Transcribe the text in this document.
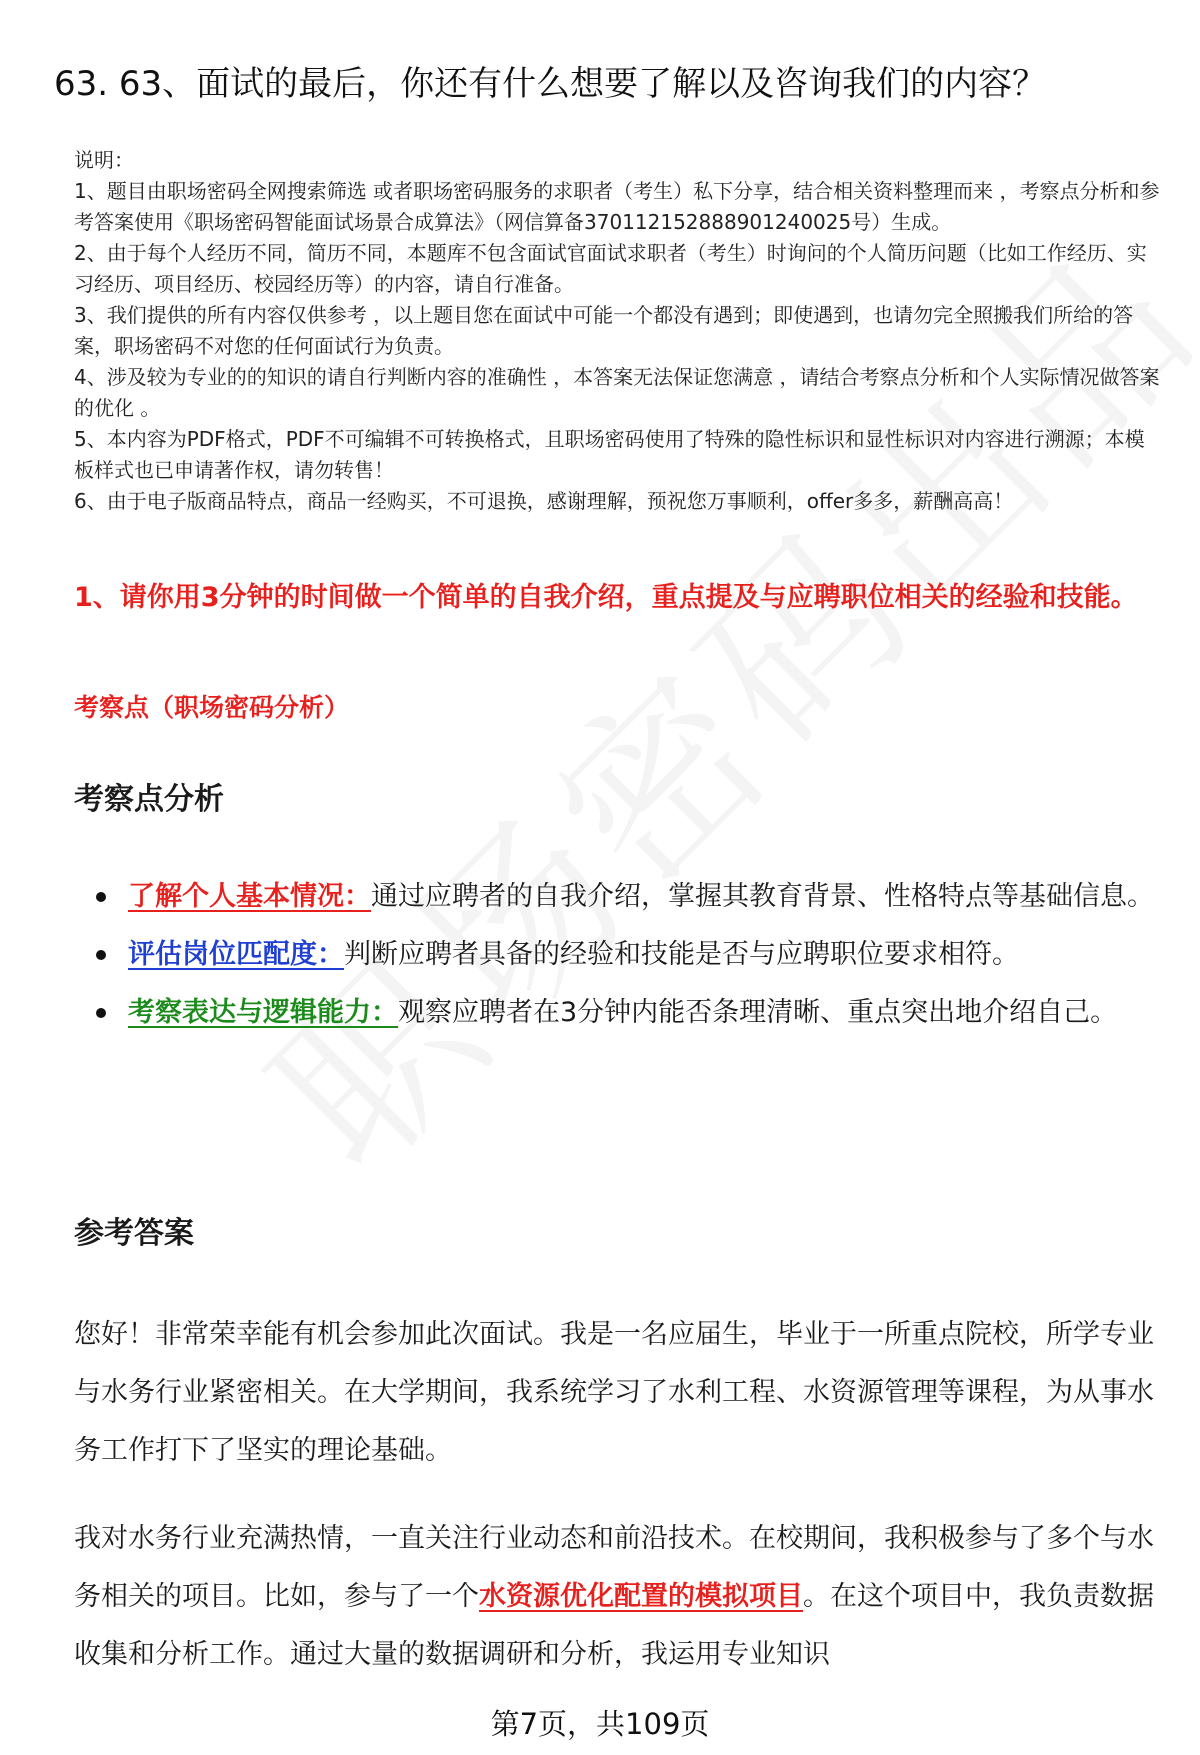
63. 63、面试的最后，你还有什么想要了解以及咨询我们的内容？

说明：

1、题目由职场密码全网搜索筛选 或者职场密码服务的求职者（考生）私下分享，结合相关资料整理而来 ，考察点分析和参考答案使用《职场密码智能面试场景合成算法》（网信算备370112152888901240025号）生成。

2、由于每个人经历不同，简历不同，本题库不包含面试官面试求职者（考生）时询问的个人简历问题（比如工作经历、实习经历、项目经历、校园经历等）的内容，请自行准备。

3、我们提供的所有内容仅供参考 ，以上题目您在面试中可能一个都没有遇到；即使遇到，也请勿完全照搬我们所给的答案，职场密码不对您的任何面试行为负责。

4、涉及较为专业的的知识的请自行判断内容的准确性 ，本答案无法保证您满意 ，请结合考察点分析和个人实际情况做答案的优化 。

5、本内容为PDF格式，PDF不可编辑不可转换格式，且职场密码使用了特殊的隐性标识和显性标识对内容进行溯源；本模板样式也已申请著作权，请勿转售！

6、由于电子版商品特点，商品一经购买，不可退换，感谢理解，预祝您万事顺利，offer多多，薪酬高高！

1、请你用3分钟的时间做一个简单的自我介绍，重点提及与应聘职位相关的经验和技能。
考察点（职场密码分析）
考察点分析
了解个人基本情况：通过应聘者的自我介绍，掌握其教育背景、性格特点等基础信息。
评估岗位匹配度：判断应聘者具备的经验和技能是否与应聘职位要求相符。
考察表达与逻辑能力：观察应聘者在3分钟内能否条理清晰、重点突出地介绍自己。
参考答案

您好！非常荣幸能有机会参加此次面试。我是一名应届生，毕业于一所重点院校，所学专业与水务行业紧密相关。在大学期间，我系统学习了水利工程、水资源管理等课程，为从事水务工作打下了坚实的理论基础。

我对水务行业充满热情，一直关注行业动态和前沿技术。在校期间，我积极参与了多个与水务相关的项目。比如，参与了一个水资源优化配置的模拟项目。在这个项目中，我负责数据收集和分析工作。通过大量的数据调研和分析，我运用专业知识

第7页，共109页
